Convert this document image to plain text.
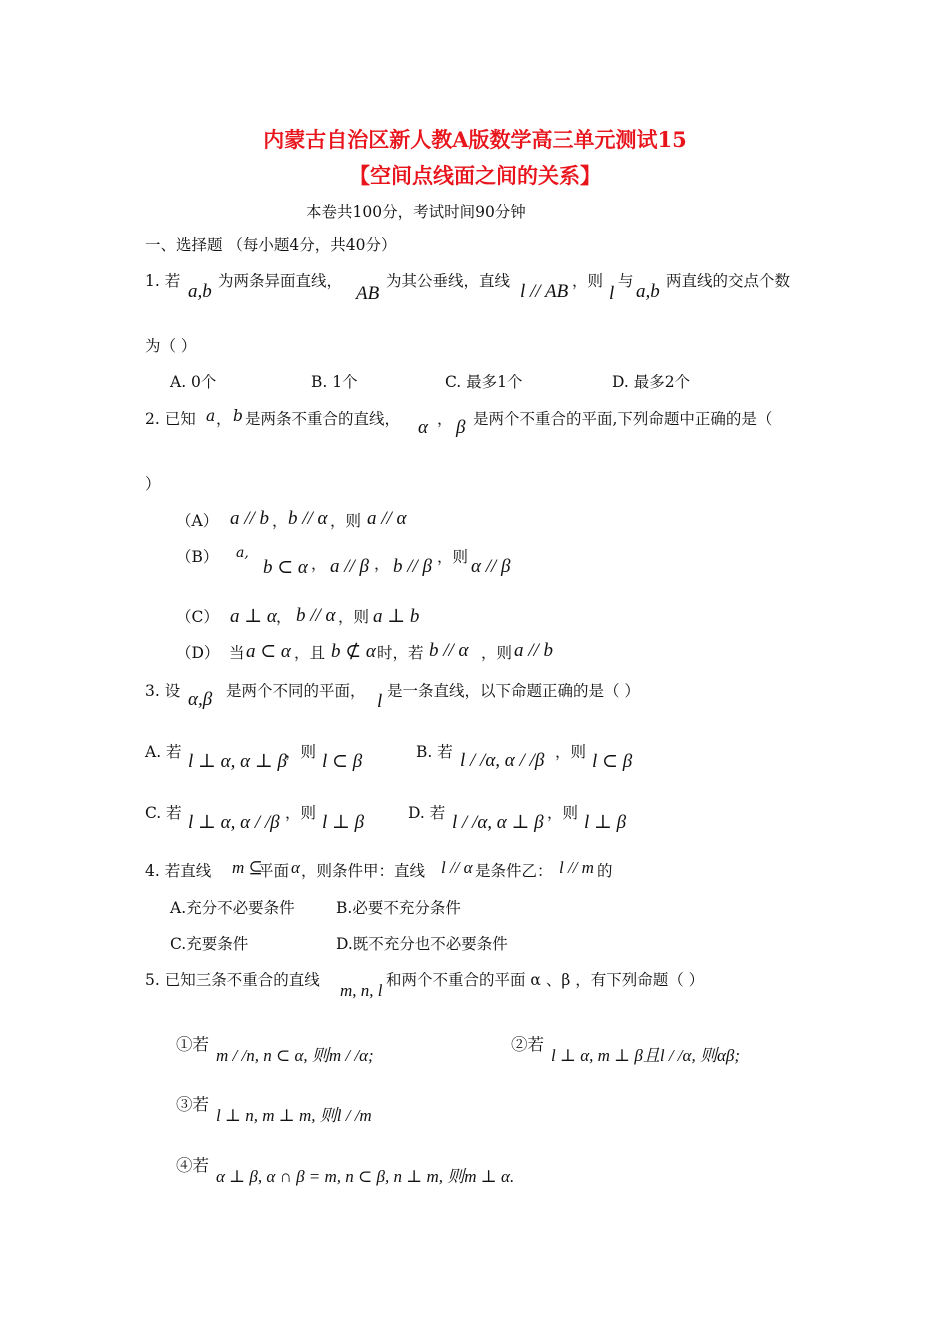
内蒙古自治区新人教A版数学高三单元测试15
【空间点线面之间的关系】
本卷共100分，考试时间90分钟
一、选择题 （每小题4分，共40分）
1. 若 a,b 为两条异面直线，
AB
为其公垂线，直线 l // AB ，则
l
与 a,b 两直线的交点个数
为（ ）
A. 0个	B. 1个	C. 最多1个	D. 最多2个
2. 已知 a ， b 是两条不重合的直线， α ， β 是两个不重合的平面,下列命题中正确的是（
）
（A） a // b ， b // α ，则 a // α
（B） a,
b ⊂ α ， a // β ， b // β ，则 α // β
（C） a ⊥ α ， b // α ，则 a ⊥ b
（D） 当 a ⊂ α ，且 b ⊄ α 时，若 b // α ，则 a // b
3. 设 α,β 是两个不同的平面， l 是一条直线，以下命题正确的是（ ）
A. 若 l ⊥ α, α ⊥ β
，则 l ⊂ β	B. 若 l / /α, α / /β ，则 l ⊂ β
C. 若 l ⊥ α, α / /β ，则 l ⊥ β	D. 若 l / /α, α ⊥ β ，则 l ⊥ β
4. 若直线 m ⊆
平面 α ，则条件甲：直线 l // α 是条件乙： l // m 的
A.充分不必要条件	B.必要不充分条件
C.充要条件	D.既不充分也不必要条件
5. 已知三条不重合的直线
m, n, l
和两个不重合的平面 α 、β ，有下列命题（ ）
①若
m / /n, n ⊂ α, 则m / /α;
②若
l ⊥ α, m ⊥ β且l / /α, 则αβ;
③若
l ⊥ n, m ⊥ m, 则l / /m
④若
α ⊥ β, α ∩ β = m, n ⊂ β, n ⊥ m, 则m ⊥ α.
